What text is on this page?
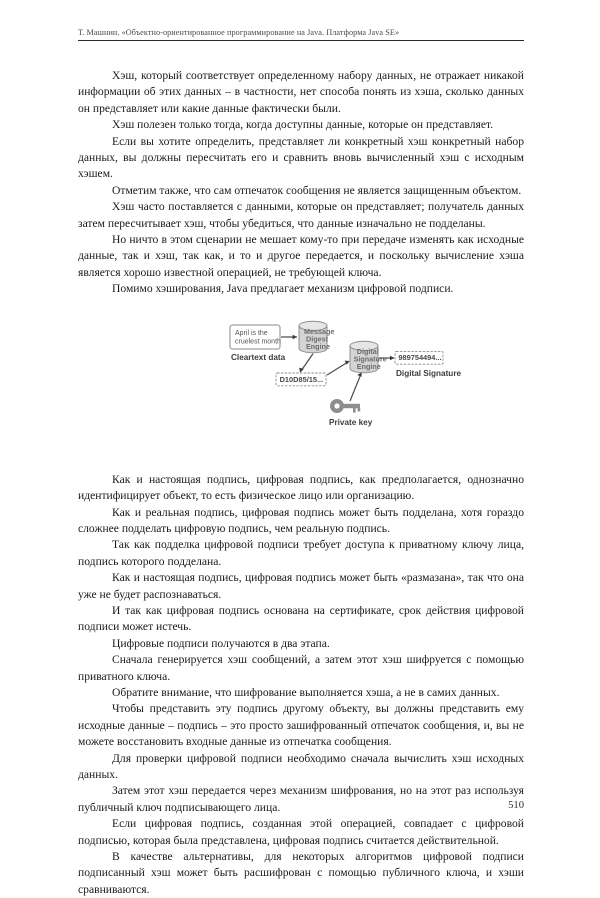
Т. Машнин. «Объектно-ориентированное программирование на Java. Платформа Java SE»

Хэш, который соответствует определенному набору данных, не отражает никакой информации об этих данных – в частности, нет способа понять из хэша, сколько данных он представляет или какие данные фактически были.

Хэш полезен только тогда, когда доступны данные, которые он представляет.

Если вы хотите определить, представляет ли конкретный хэш конкретный набор данных, вы должны пересчитать его и сравнить вновь вычисленный хэш с исходным хэшем.

Отметим также, что сам отпечаток сообщения не является защищенным объектом.

Хэш часто поставляется с данными, которые он представляет; получатель данных затем пересчитывает хэш, чтобы убедиться, что данные изначально не подделаны.

Но ничто в этом сценарии не мешает кому-то при передаче изменять как исходные данные, так и хэш, так как, и то и другое передается, и поскольку вычисление хэша является хорошо известной операцией, не требующей ключа.

Помимо хэширования, Java предлагает механизм цифровой подписи.

April is the
cruelest month
Cleartext data
Message
Digest
Engine
D10D85/15...
Digital
Signature
Engine
989754494...
Digital Signature
Private key

Как и настоящая подпись, цифровая подпись, как предполагается, однозначно идентифицирует объект, то есть физическое лицо или организацию.

Как и реальная подпись, цифровая подпись может быть подделана, хотя гораздо сложнее подделать цифровую подпись, чем реальную подпись.

Так как подделка цифровой подписи требует доступа к приватному ключу лица, подпись которого подделана.

Как и настоящая подпись, цифровая подпись может быть «размазана», так что она уже не будет распознаваться.

И так как цифровая подпись основана на сертификате, срок действия цифровой подписи может истечь.

Цифровые подписи получаются в два этапа.

Сначала генерируется хэш сообщений, а затем этот хэш шифруется с помощью приватного ключа.

Обратите внимание, что шифрование выполняется хэша, а не в самих данных.

Чтобы представить эту подпись другому объекту, вы должны представить ему исходные данные – подпись – это просто зашифрованный отпечаток сообщения, и, вы не можете восстановить входные данные из отпечатка сообщения.

Для проверки цифровой подписи необходимо сначала вычислить хэш исходных данных.

Затем этот хэш передается через механизм шифрования, но на этот раз используя публичный ключ подписывающего лица.

Если цифровая подпись, созданная этой операцией, совпадает с цифровой подписью, которая была представлена, цифровая подпись считается действительной.

В качестве альтернативы, для некоторых алгоритмов цифровой подписи подписанный хэш может быть расшифрован с помощью публичного ключа, и хэши сравниваются.

510
